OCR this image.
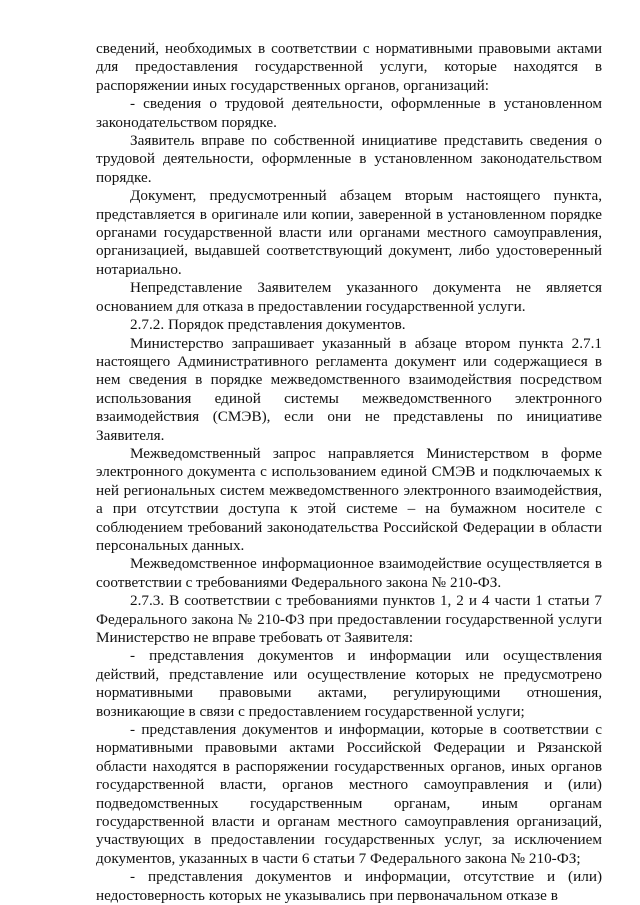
сведений, необходимых в соответствии с нормативными правовыми актами для предоставления государственной услуги, которые находятся в распоряжении иных государственных органов, организаций:

- сведения о трудовой деятельности, оформленные в установленном законодательством порядке.

Заявитель вправе по собственной инициативе представить сведения о трудовой деятельности, оформленные в установленном законодательством порядке.

Документ, предусмотренный абзацем вторым настоящего пункта, представляется в оригинале или копии, заверенной в установленном порядке органами государственной власти или органами местного самоуправления, организацией, выдавшей соответствующий документ, либо удостоверенный нотариально.

Непредставление Заявителем указанного документа не является основанием для отказа в предоставлении государственной услуги.

2.7.2. Порядок представления документов.

Министерство запрашивает указанный в абзаце втором пункта 2.7.1 настоящего Административного регламента документ или содержащиеся в нем сведения в порядке межведомственного взаимодействия посредством использования единой системы межведомственного электронного взаимодействия (СМЭВ), если они не представлены по инициативе Заявителя.

Межведомственный запрос направляется Министерством в форме электронного документа с использованием единой СМЭВ и подключаемых к ней региональных систем межведомственного электронного взаимодействия, а при отсутствии доступа к этой системе – на бумажном носителе с соблюдением требований законодательства Российской Федерации в области персональных данных.

Межведомственное информационное взаимодействие осуществляется в соответствии с требованиями Федерального закона № 210-ФЗ.

2.7.3. В соответствии с требованиями пунктов 1, 2 и 4 части 1 статьи 7 Федерального закона № 210-ФЗ при предоставлении государственной услуги Министерство не вправе требовать от Заявителя:

- представления документов и информации или осуществления действий, представление или осуществление которых не предусмотрено нормативными правовыми актами, регулирующими отношения, возникающие в связи с предоставлением государственной услуги;

- представления документов и информации, которые в соответствии с нормативными правовыми актами Российской Федерации и Рязанской области находятся в распоряжении государственных органов, иных органов государственной власти, органов местного самоуправления и (или) подведомственных государственным органам, иным органам государственной власти и органам местного самоуправления организаций, участвующих в предоставлении государственных услуг, за исключением документов, указанных в части 6 статьи 7 Федерального закона № 210-ФЗ;

- представления документов и информации, отсутствие и (или) недостоверность которых не указывались при первоначальном отказе в
